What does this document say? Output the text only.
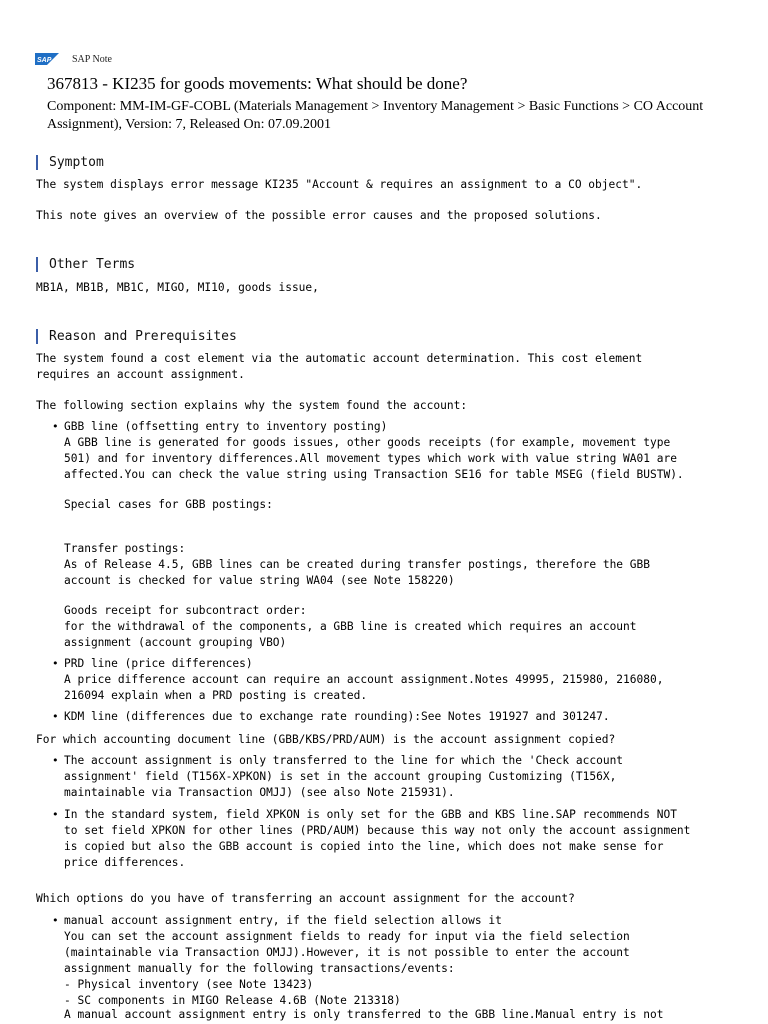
SAP SAP Note
367813 - KI235 for goods movements: What should be done?
Component: MM-IM-GF-COBL (Materials Management > Inventory Management > Basic Functions > CO Account
Assignment), Version: 7, Released On: 07.09.2001
Symptom
The system displays error message KI235 "Account & requires an assignment to a CO object".
This note gives an overview of the possible error causes and the proposed solutions.
Other Terms
MB1A, MB1B, MB1C, MIGO, MI10, goods issue,
Reason and Prerequisites
The system found a cost element via the automatic account determination. This cost element
requires an account assignment.
The following section explains why the system found the account:
• GBB line (offsetting entry to inventory posting)
A GBB line is generated for goods issues, other goods receipts (for example, movement type
501) and for inventory differences.All movement types which work with value string WA01 are
affected.You can check the value string using Transaction SE16 for table MSEG (field BUSTW).
Special cases for GBB postings:
Transfer postings:
As of Release 4.5, GBB lines can be created during transfer postings, therefore the GBB
account is checked for value string WA04 (see Note 158220)
Goods receipt for subcontract order:
for the withdrawal of the components, a GBB line is created which requires an account
assignment (account grouping VBO)
• PRD line (price differences)
A price difference account can require an account assignment.Notes 49995, 215980, 216080,
216094 explain when a PRD posting is created.
• KDM line (differences due to exchange rate rounding):See Notes 191927 and 301247.
For which accounting document line (GBB/KBS/PRD/AUM) is the account assignment copied?
• The account assignment is only transferred to the line for which the 'Check account
assignment' field (T156X-XPKON) is set in the account grouping Customizing (T156X,
maintainable via Transaction OMJJ) (see also Note 215931).
• In the standard system, field XPKON is only set for the GBB and KBS line.SAP recommends NOT
to set field XPKON for other lines (PRD/AUM) because this way not only the account assignment
is copied but also the GBB account is copied into the line, which does not make sense for
price differences.
Which options do you have of transferring an account assignment for the account?
• manual account assignment entry, if the field selection allows it
You can set the account assignment fields to ready for input via the field selection
(maintainable via Transaction OMJJ).However, it is not possible to enter the account
assignment manually for the following transactions/events:
- Physical inventory (see Note 13423)
- SC components in MIGO Release 4.6B (Note 213318)
A manual account assignment entry is only transferred to the GBB line.Manual entry is not
